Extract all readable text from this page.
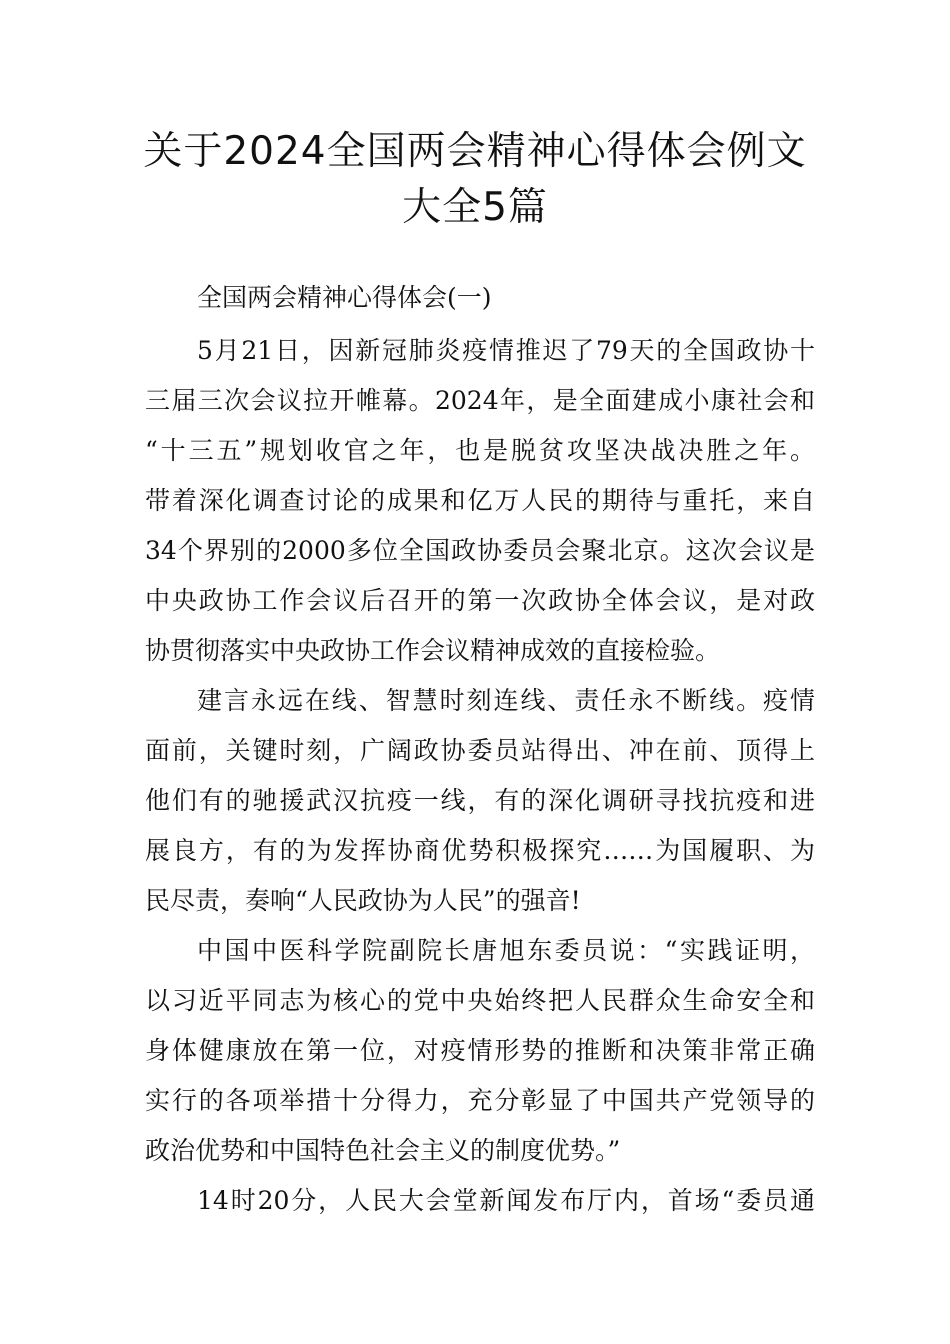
关于2024全国两会精神心得体会例文
大全5篇
全国两会精神心得体会(一)
5月21日，因新冠肺炎疫情推迟了79天的全国政协十
三届三次会议拉开帷幕。2024年，是全面建成小康社会和
“十三五”规划收官之年，也是脱贫攻坚决战决胜之年。
带着深化调查讨论的成果和亿万人民的期待与重托，来自
34个界别的2000多位全国政协委员会聚北京。这次会议是
中央政协工作会议后召开的第一次政协全体会议，是对政
协贯彻落实中央政协工作会议精神成效的直接检验。
建言永远在线、智慧时刻连线、责任永不断线。疫情
面前，关键时刻，广阔政协委员站得出、冲在前、顶得上
他们有的驰援武汉抗疫一线，有的深化调研寻找抗疫和进
展良方，有的为发挥协商优势积极探究……为国履职、为
民尽责，奏响“人民政协为人民”的强音!
中国中医科学院副院长唐旭东委员说：“实践证明，
以习近平同志为核心的党中央始终把人民群众生命安全和
身体健康放在第一位，对疫情形势的推断和决策非常正确
实行的各项举措十分得力，充分彰显了中国共产党领导的
政治优势和中国特色社会主义的制度优势。”
14时20分，人民大会堂新闻发布厅内，首场“委员通
